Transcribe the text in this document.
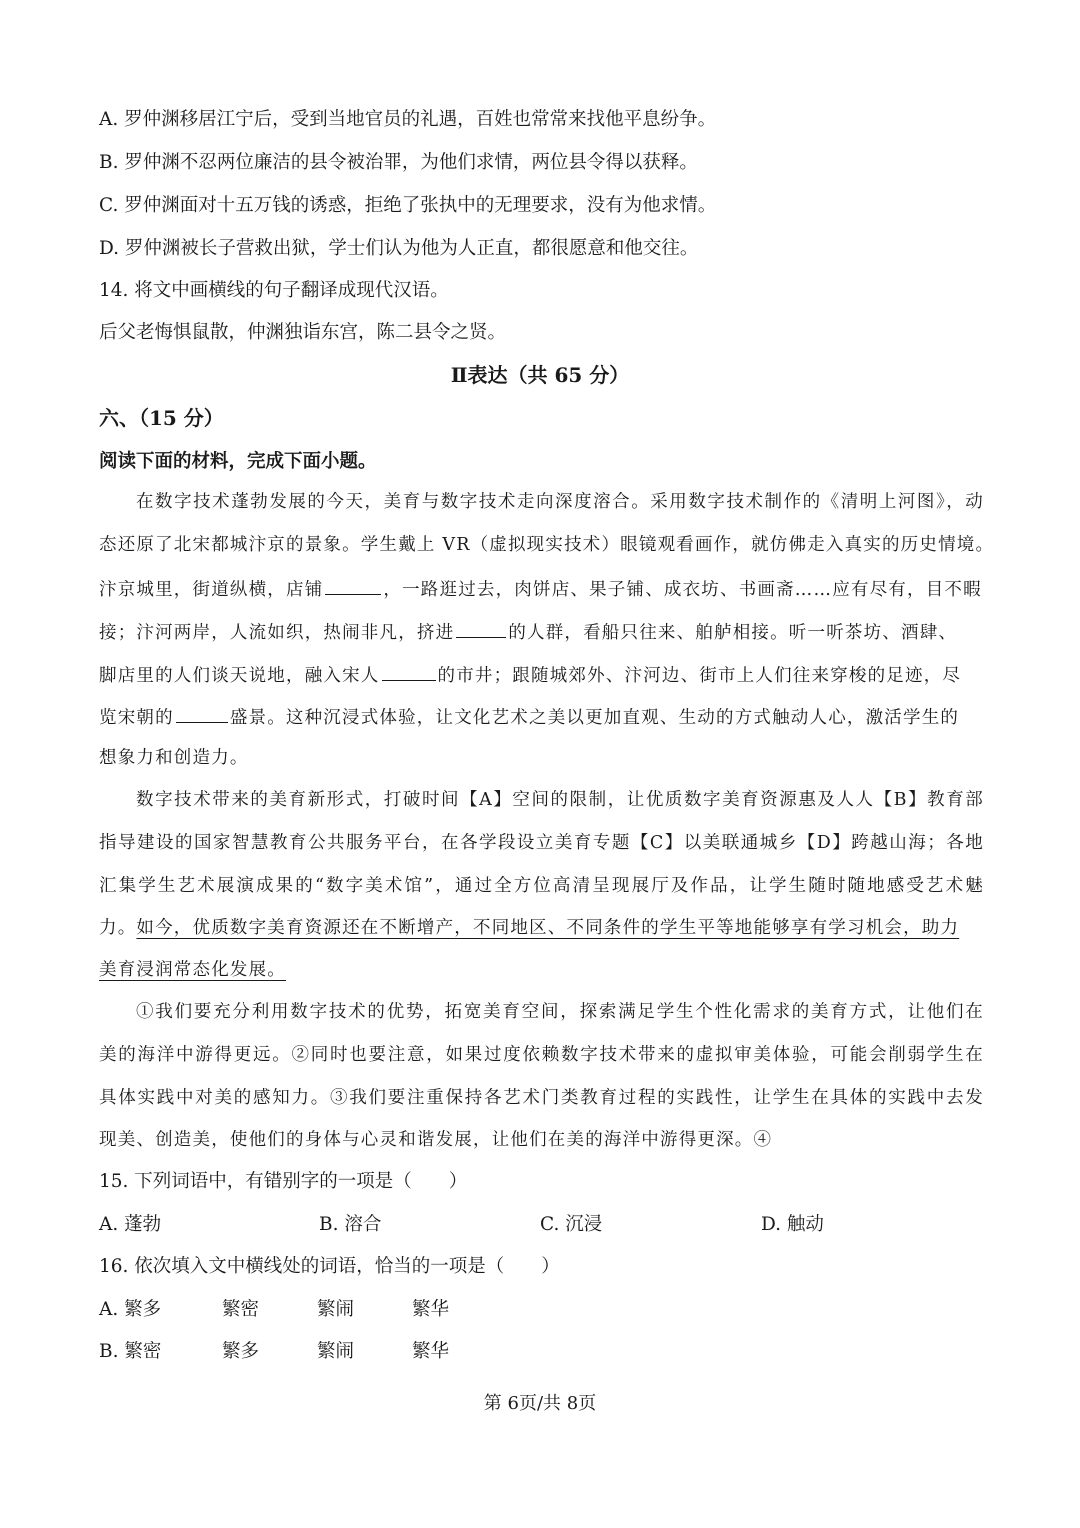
A. 罗仲渊移居江宁后，受到当地官员的礼遇，百姓也常常来找他平息纷争。
B. 罗仲渊不忍两位廉洁的县令被治罪，为他们求情，两位县令得以获释。
C. 罗仲渊面对十五万钱的诱惑，拒绝了张执中的无理要求，没有为他求情。
D. 罗仲渊被长子营救出狱，学士们认为他为人正直，都很愿意和他交往。
14. 将文中画横线的句子翻译成现代汉语。
后父老悔惧鼠散，仲渊独诣东宫，陈二县令之贤。
Ⅱ表达（共 65 分）
六、（15 分）
阅读下面的材料，完成下面小题。
在数字技术蓬勃发展的今天，美育与数字技术走向深度溶合。采用数字技术制作的《清明上河图》，动
态还原了北宋都城汴京的景象。学生戴上 VR（虚拟现实技术）眼镜观看画作，就仿佛走入真实的历史情境。
汴京城里，街道纵横，店铺	，一路逛过去，肉饼店、果子铺、成衣坊、书画斋……应有尽有，目不暇
接；汴河两岸，人流如织，热闹非凡，挤进	的人群，看船只往来、舶舻相接。听一听茶坊、酒肆、
脚店里的人们谈天说地，融入宋人	的市井；跟随城郊外、汴河边、街市上人们往来穿梭的足迹，尽
览宋朝的	盛景。这种沉浸式体验，让文化艺术之美以更加直观、生动的方式触动人心，激活学生的
想象力和创造力。
数字技术带来的美育新形式，打破时间【A】空间的限制，让优质数字美育资源惠及人人【B】教育部
指导建设的国家智慧教育公共服务平台，在各学段设立美育专题【C】以美联通城乡【D】跨越山海；各地
汇集学生艺术展演成果的“数字美术馆”，通过全方位高清呈现展厅及作品，让学生随时随地感受艺术魅
力。如今，优质数字美育资源还在不断增产，不同地区、不同条件的学生平等地能够享有学习机会，助力
美育浸润常态化发展。
①我们要充分利用数字技术的优势，拓宽美育空间，探索满足学生个性化需求的美育方式，让他们在
美的海洋中游得更远。②同时也要注意，如果过度依赖数字技术带来的虚拟审美体验，可能会削弱学生在
具体实践中对美的感知力。③我们要注重保持各艺术门类教育过程的实践性，让学生在具体的实践中去发
现美、创造美，使他们的身体与心灵和谐发展，让他们在美的海洋中游得更深。④
15. 下列词语中，有错别字的一项是（　　）
A. 蓬勃	B. 溶合	C. 沉浸	D. 触动
16. 依次填入文中横线处的词语，恰当的一项是（　　）
A. 繁多	繁密	繁闹	繁华
B. 繁密	繁多	繁闹	繁华
第 6页/共 8页
